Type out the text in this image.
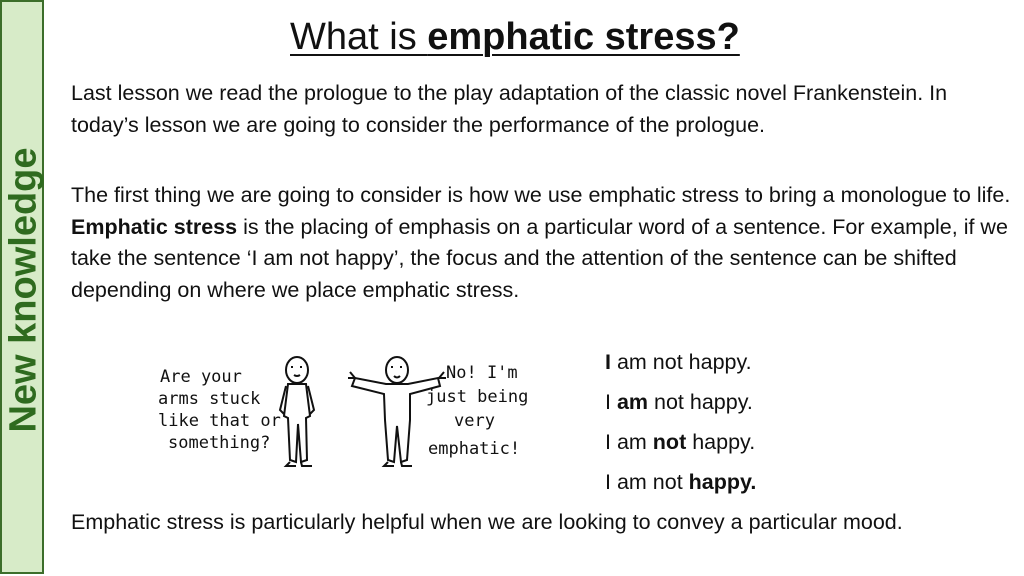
New knowledge
What is emphatic stress?
Last lesson we read the prologue to the play adaptation of the classic novel Frankenstein. In today’s lesson we are going to consider the performance of the prologue.
The first thing we are going to consider is how we use emphatic stress to bring a monologue to life. Emphatic stress is the placing of emphasis on a particular word of a sentence. For example, if we take the sentence ‘I am not happy’, the focus and the attention of the sentence can be shifted depending on where we place emphatic stress.
Are your
arms stuck
like that or
something?
No! I'm
just being
very
emphatic!
I am not happy.
I am not happy.
I am not happy.
I am not happy.
Emphatic stress is particularly helpful when we are looking to convey a particular mood.
